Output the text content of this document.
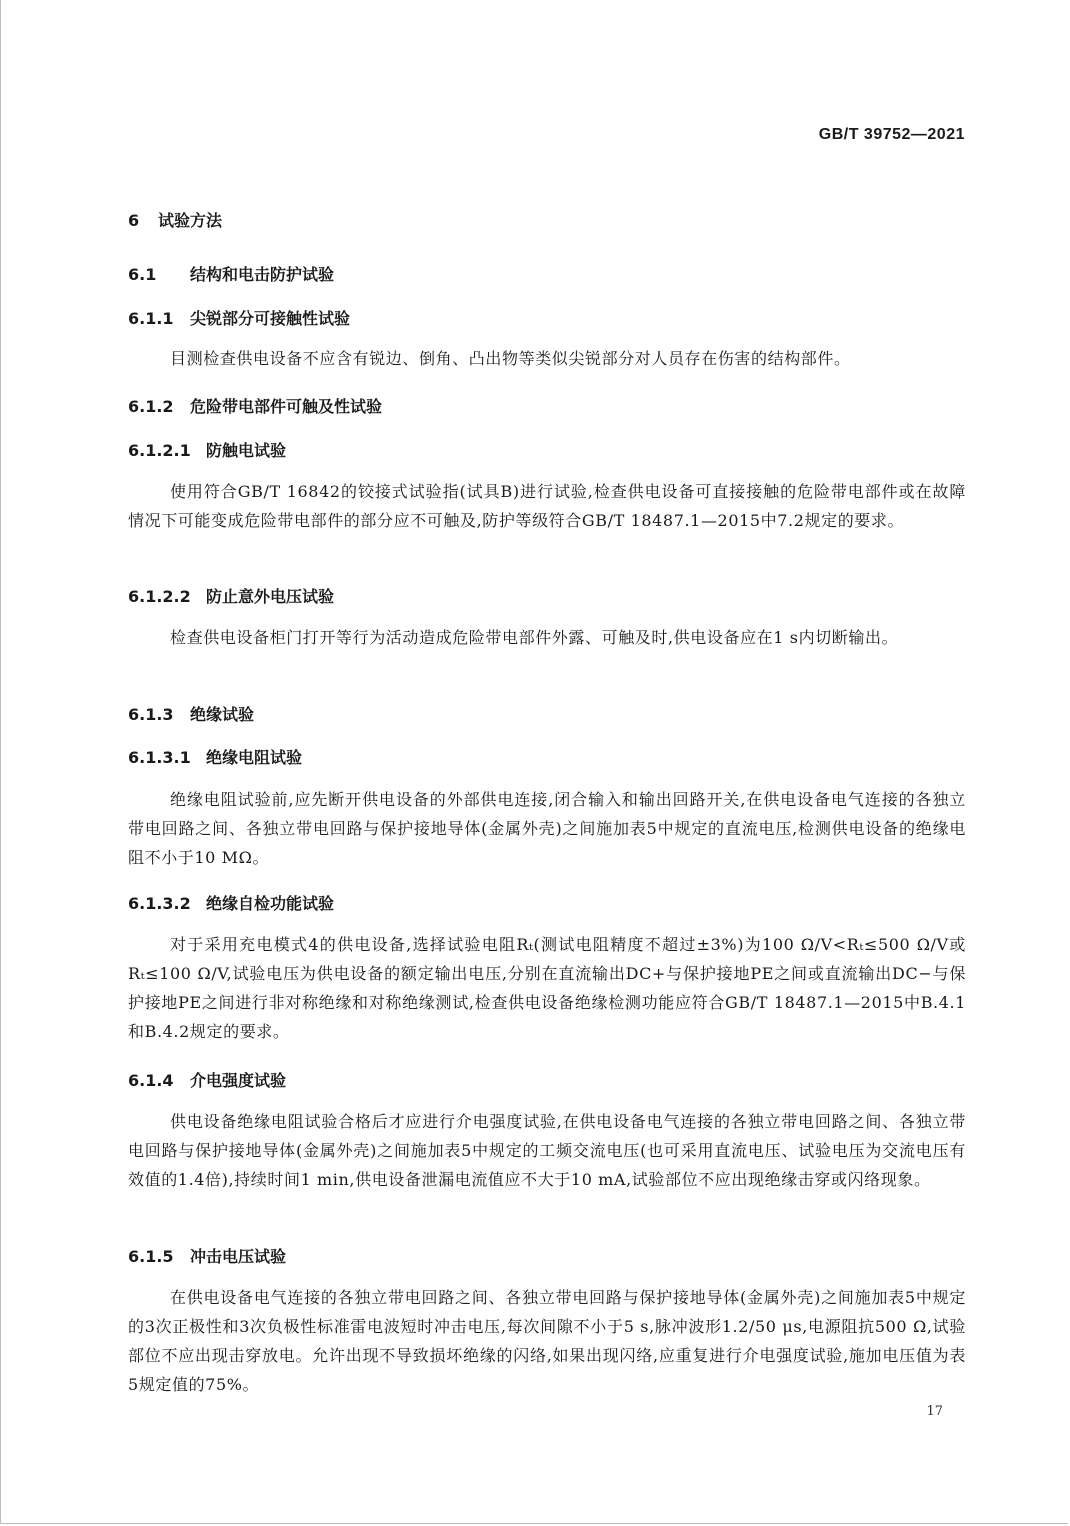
GB/T 39752—2021
6 试验方法
6.1 结构和电击防护试验
6.1.1 尖锐部分可接触性试验
目测检查供电设备不应含有锐边、倒角、凸出物等类似尖锐部分对人员存在伤害的结构部件。
6.1.2 危险带电部件可触及性试验
6.1.2.1 防触电试验
使用符合GB/T 16842的铰接式试验指(试具B)进行试验,检查供电设备可直接接触的危险带电部件或在故障情况下可能变成危险带电部件的部分应不可触及,防护等级符合GB/T 18487.1—2015中7.2规定的要求。
6.1.2.2 防止意外电压试验
检查供电设备柜门打开等行为活动造成危险带电部件外露、可触及时,供电设备应在1 s内切断输出。
6.1.3 绝缘试验
6.1.3.1 绝缘电阻试验
绝缘电阻试验前,应先断开供电设备的外部供电连接,闭合输入和输出回路开关,在供电设备电气连接的各独立带电回路之间、各独立带电回路与保护接地导体(金属外壳)之间施加表5中规定的直流电压,检测供电设备的绝缘电阻不小于10 MΩ。
6.1.3.2 绝缘自检功能试验
对于采用充电模式4的供电设备,选择试验电阻Rₜ(测试电阻精度不超过±3%)为100 Ω/V<Rₜ≤500 Ω/V或Rₜ≤100 Ω/V,试验电压为供电设备的额定输出电压,分别在直流输出DC+与保护接地PE之间或直流输出DC−与保护接地PE之间进行非对称绝缘和对称绝缘测试,检查供电设备绝缘检测功能应符合GB/T 18487.1—2015中B.4.1和B.4.2规定的要求。
6.1.4 介电强度试验
供电设备绝缘电阻试验合格后才应进行介电强度试验,在供电设备电气连接的各独立带电回路之间、各独立带电回路与保护接地导体(金属外壳)之间施加表5中规定的工频交流电压(也可采用直流电压、试验电压为交流电压有效值的1.4倍),持续时间1 min,供电设备泄漏电流值应不大于10 mA,试验部位不应出现绝缘击穿或闪络现象。
6.1.5 冲击电压试验
在供电设备电气连接的各独立带电回路之间、各独立带电回路与保护接地导体(金属外壳)之间施加表5中规定的3次正极性和3次负极性标准雷电波短时冲击电压,每次间隙不小于5 s,脉冲波形1.2/50 μs,电源阻抗500 Ω,试验部位不应出现击穿放电。允许出现不导致损坏绝缘的闪络,如果出现闪络,应重复进行介电强度试验,施加电压值为表5规定值的75%。
17
